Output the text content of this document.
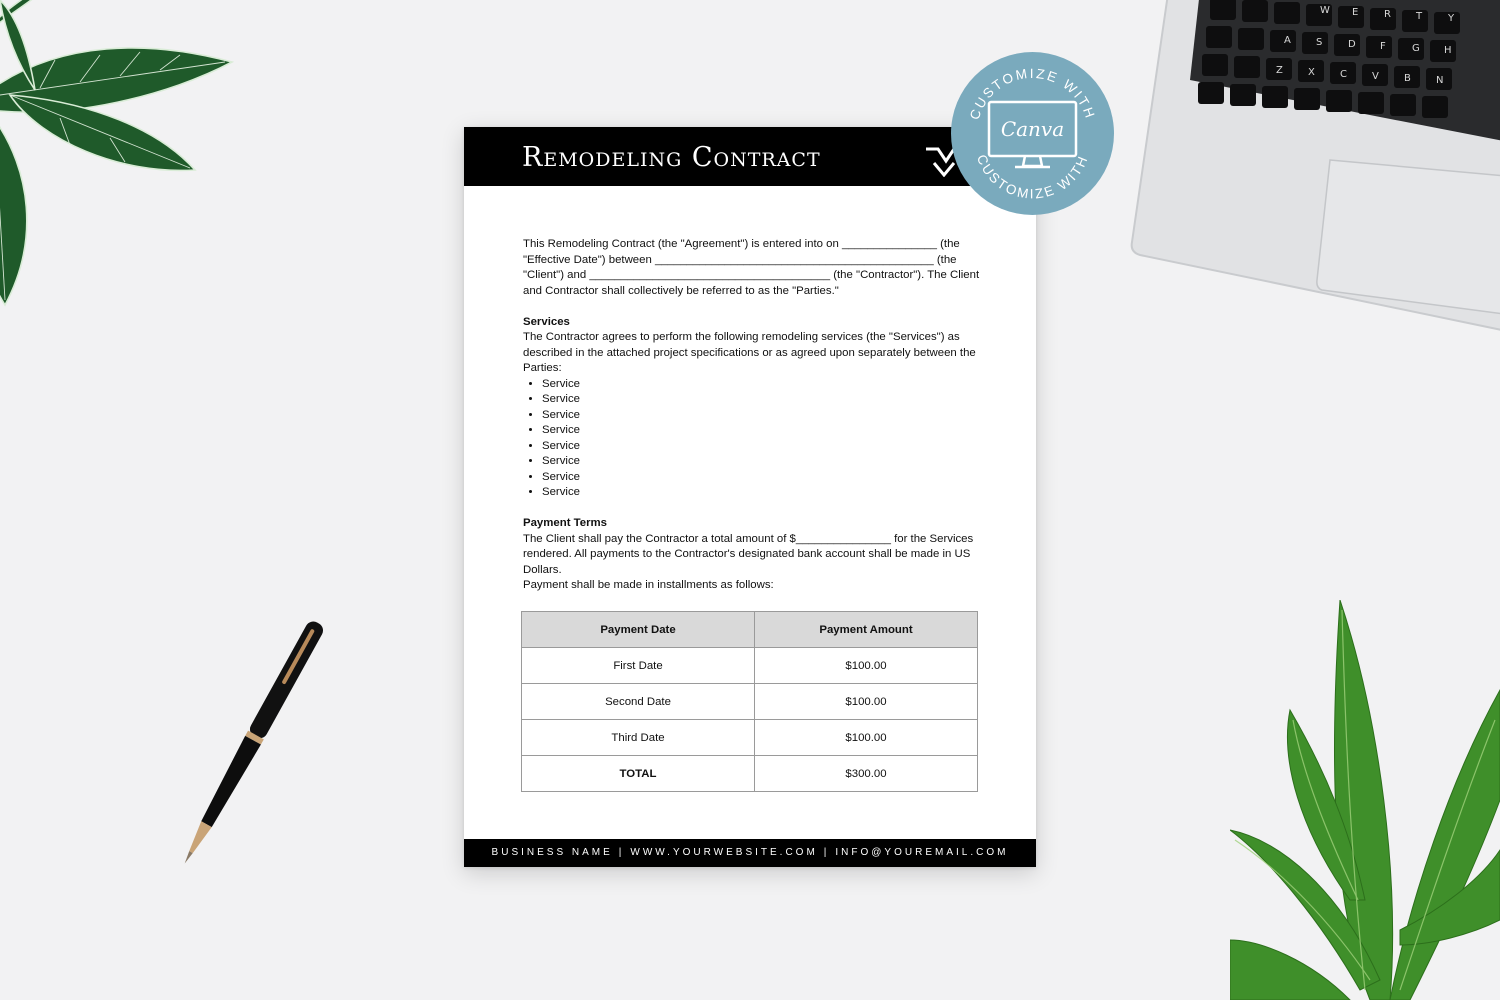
W E	R	T	Y
A	S	D F	G H
Z	X	C	V	B	N
Remodeling Contract

This Remodeling Contract (the "Agreement") is entered into on _______________ (the "Effective Date") between ____________________________________________ (the "Client") and ______________________________________ (the "Contractor"). The Client and Contractor shall collectively be referred to as the "Parties."

Services

The Contractor agrees to perform the following remodeling services (the "Services") as described in the attached project specifications or as agreed upon separately between the Parties:

• Service
• Service
• Service
• Service
• Service
• Service
• Service
• Service

Payment Terms

The Client shall pay the Contractor a total amount of $_______________ for the Services rendered. All payments to the Contractor's designated bank account shall be made in US Dollars.

Payment shall be made in installments as follows:

Payment Date	Payment Amount
First Date	$100.00
Second Date	$100.00
Third Date	$100.00
TOTAL	$300.00
BUSINESS NAME | WWW.YOURWEBSITE.COM | INFO@YOUREMAIL.COM
CUSTOMIZE WITH
CUSTOMIZE WITH
Canva
